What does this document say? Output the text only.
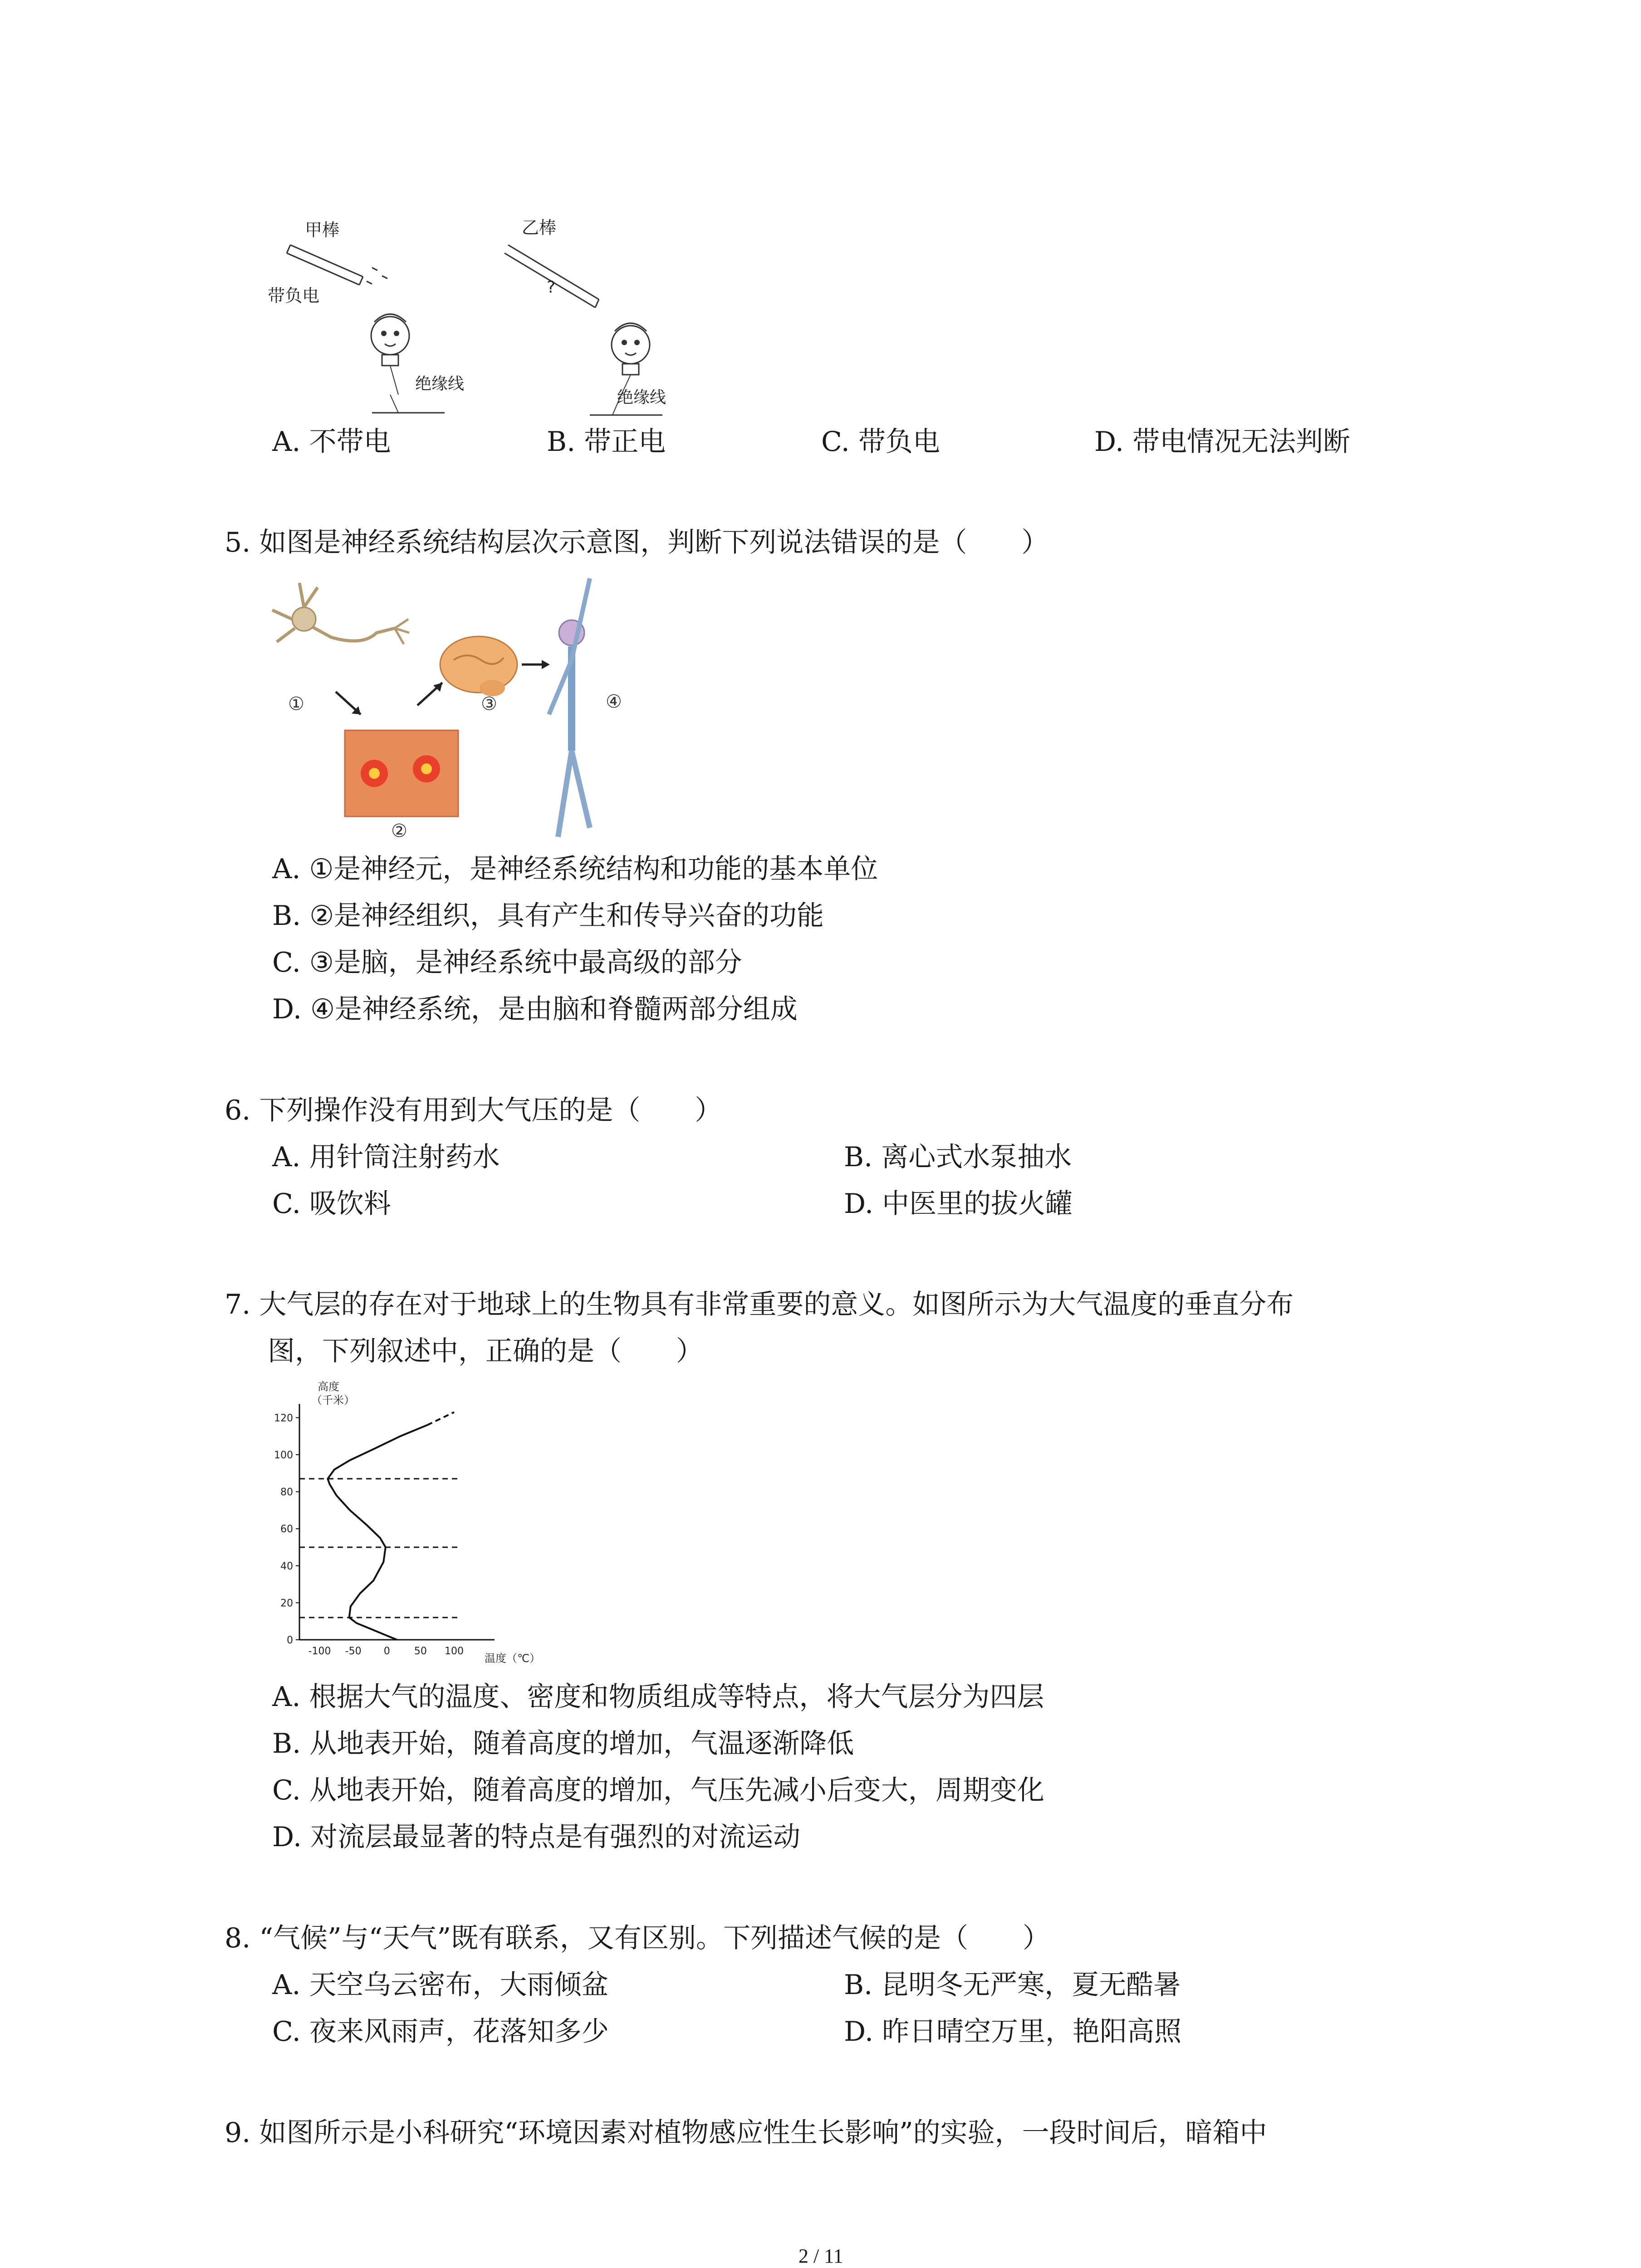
甲棒
带负电
乙棒
?
绝缘线
绝缘线
A. 不带电	B. 带正电	C. 带负电	D. 带电情况无法判断
5. 如图是神经系统结构层次示意图，判断下列说法错误的是（　　）
①
②
③	④
A. ①是神经元，是神经系统结构和功能的基本单位
B. ②是神经组织，具有产生和传导兴奋的功能
C. ③是脑，是神经系统中最高级的部分
D. ④是神经系统，是由脑和脊髓两部分组成
6. 下列操作没有用到大气压的是（　　）
A. 用针筒注射药水	B. 离心式水泵抽水
C. 吸饮料	D. 中医里的拔火罐
7. 大气层的存在对于地球上的生物具有非常重要的意义。如图所示为大气温度的垂直分布
图，下列叙述中，正确的是（　　）
0
20
40
60
80
100
120
-100 -50 0 50 100
高度
（千米）
温度（℃）
A. 根据大气的温度、密度和物质组成等特点，将大气层分为四层
B. 从地表开始，随着高度的增加，气温逐渐降低
C. 从地表开始，随着高度的增加，气压先减小后变大，周期变化
D. 对流层最显著的特点是有强烈的对流运动
8. “气候”与“天气”既有联系，又有区别。下列描述气候的是（　　）
A. 天空乌云密布，大雨倾盆	B. 昆明冬无严寒，夏无酷暑
C. 夜来风雨声，花落知多少	D. 昨日晴空万里，艳阳高照
9. 如图所示是小科研究“环境因素对植物感应性生长影响”的实验，一段时间后，暗箱中
2 / 11
